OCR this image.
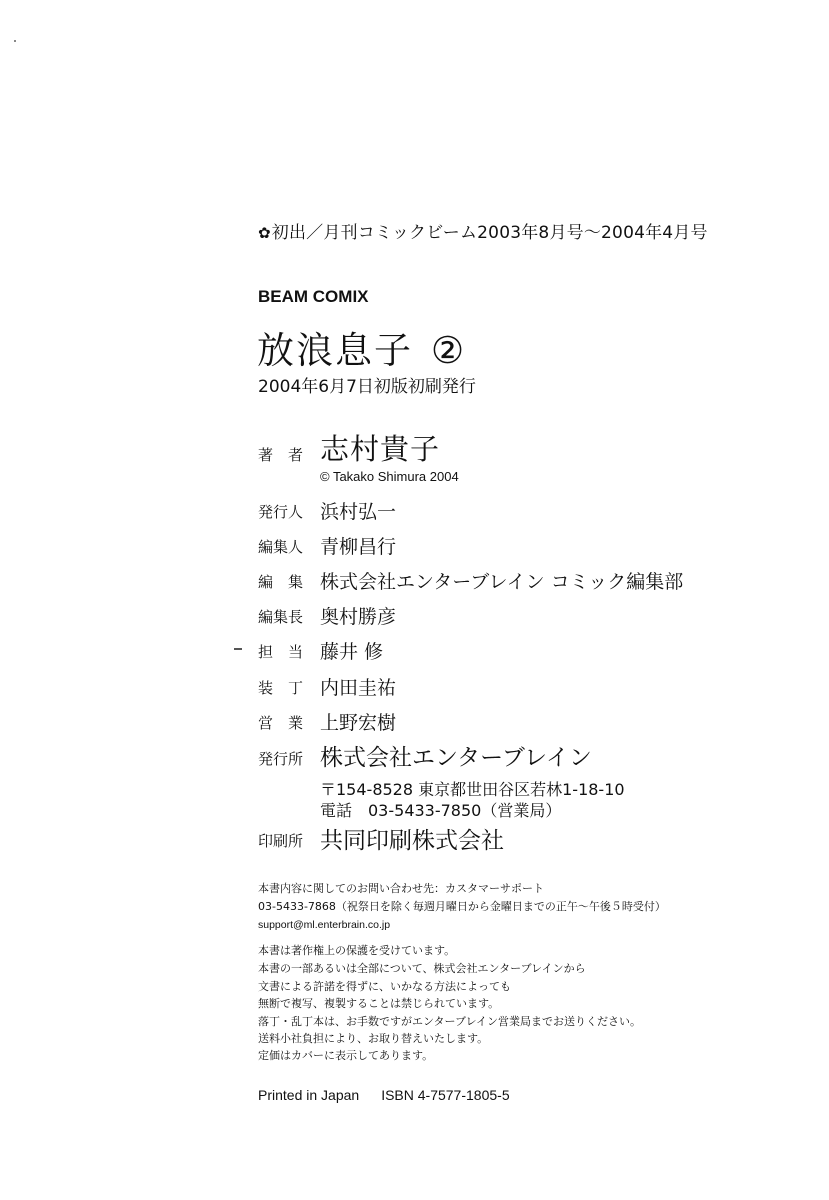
✿初出／月刊コミックビーム2003年8月号～2004年4月号
BEAM COMIX
放浪息子 ②
2004年6月7日初版初刷発行
著　者 志村貴子
© Takako Shimura 2004
発行人 浜村弘一
編集人 青柳昌行
編　集 株式会社エンターブレイン コミック編集部
編集長 奥村勝彦
担　当 藤井 修
装　丁 内田圭祐
営　業 上野宏樹
発行所 株式会社エンターブレイン
〒154-8528 東京都世田谷区若林1-18-10
電話　03-5433-7850（営業局）
印刷所 共同印刷株式会社
本書内容に関してのお問い合わせ先：カスタマーサポート
03-5433-7868（祝祭日を除く毎週月曜日から金曜日までの正午～午後５時受付）
support@ml.enterbrain.co.jp
本書は著作権上の保護を受けています。
本書の一部あるいは全部について、株式会社エンターブレインから
文書による許諾を得ずに、いかなる方法によっても
無断で複写、複製することは禁じられています。
落丁・乱丁本は、お手数ですがエンターブレイン営業局までお送りください。
送料小社負担により、お取り替えいたします。
定価はカバーに表示してあります。
Printed in Japan ISBN 4-7577-1805-5
